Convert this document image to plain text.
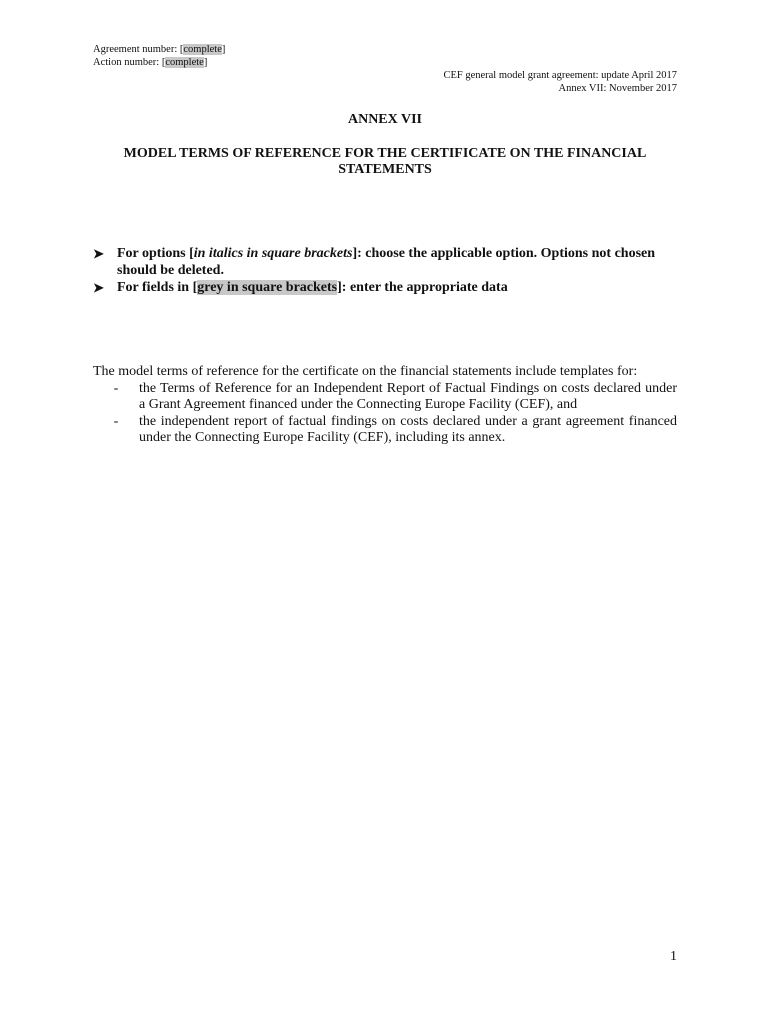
Agreement number: [complete]
Action number: [complete]
CEF general model grant agreement: update April 2017
Annex VII: November 2017
ANNEX VII
MODEL TERMS OF REFERENCE FOR THE CERTIFICATE ON THE FINANCIAL STATEMENTS
➤ For options [in italics in square brackets]: choose the applicable option. Options not chosen should be deleted.
➤ For fields in [grey in square brackets]: enter the appropriate data
The model terms of reference for the certificate on the financial statements include templates for:
-	the Terms of Reference for an Independent Report of Factual Findings on costs declared under a Grant Agreement financed under the Connecting Europe Facility (CEF), and
-	the independent report of factual findings on costs declared under a grant agreement financed under the Connecting Europe Facility (CEF), including its annex.
1
